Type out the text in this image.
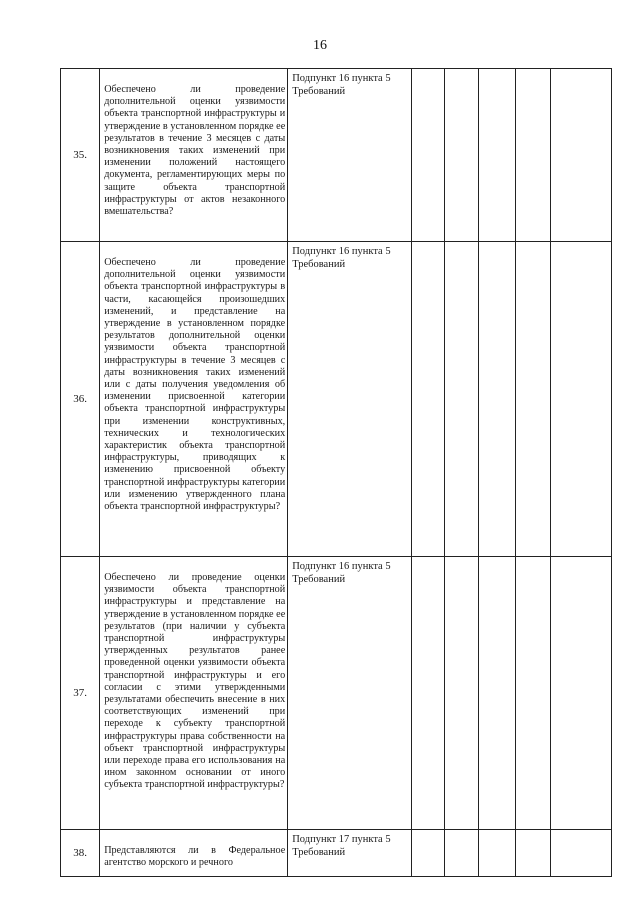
16
35.	Обеспечено ли проведение дополнительной оценки уязвимости объекта транспортной инфраструктуры и утверждение в установленном порядке ее результатов в течение 3 месяцев с даты возникновения таких изменений при изменении положений настоящего документа, регламентирующих меры по защите объекта транспортной инфраструктуры от актов незаконного вмешательства?	Подпункт 16 пункта 5 Требований					
36.	Обеспечено ли проведение дополнительной оценки уязвимости объекта транспортной инфраструктуры в части, касающейся произошедших изменений, и представление на утверждение в установленном порядке результатов дополнительной оценки уязвимости объекта транспортной инфраструктуры в течение 3 месяцев с даты возникновения таких изменений или с даты получения уведомления об изменении присвоенной категории объекта транспортной инфраструктуры при изменении конструктивных, технических и технологических характеристик объекта транспортной инфраструктуры, приводящих к изменению присвоенной объекту транспортной инфраструктуры категории или изменению утвержденного плана объекта транспортной инфраструктуры?	Подпункт 16 пункта 5 Требований					
37.	Обеспечено ли проведение оценки уязвимости объекта транспортной инфраструктуры и представление на утверждение в установленном порядке ее результатов (при наличии у субъекта транспортной инфраструктуры утвержденных результатов ранее проведенной оценки уязвимости объекта транспортной инфраструктуры и его согласии с этими утвержденными результатами обеспечить внесение в них соответствующих изменений при переходе к субъекту транспортной инфраструктуры права собственности на объект транспортной инфраструктуры или переходе права его использования на ином законном основании от иного субъекта транспортной инфраструктуры?	Подпункт 16 пункта 5 Требований					
38.	Представляются ли в Федеральное агентство морского и речного	Подпункт 17 пункта 5 Требований					
